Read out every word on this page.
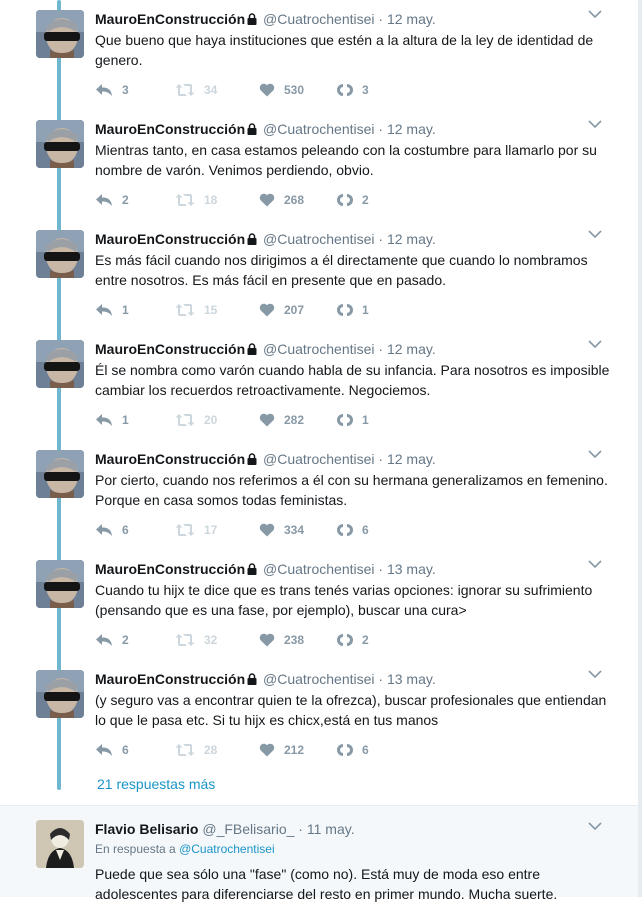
MauroEnConstrucción @Cuatrochentisei · 12 may.
Que bueno que haya instituciones que estén a la altura de la ley de identidad de genero.
3	34	530	3
MauroEnConstrucción @Cuatrochentisei · 12 may.
Mientras tanto, en casa estamos peleando con la costumbre para llamarlo por su nombre de varón. Venimos perdiendo, obvio.
2	18	268	2
MauroEnConstrucción @Cuatrochentisei · 12 may.
Es más fácil cuando nos dirigimos a él directamente que cuando lo nombramos entre nosotros. Es más fácil en presente que en pasado.
1	15	207	1
MauroEnConstrucción @Cuatrochentisei · 12 may.
Él se nombra como varón cuando habla de su infancia. Para nosotros es imposible cambiar los recuerdos retroactivamente. Negociemos.
1	20	282	1
MauroEnConstrucción @Cuatrochentisei · 12 may.
Por cierto, cuando nos referimos a él con su hermana generalizamos en femenino. Porque en casa somos todas feministas.
6	17	334	6
MauroEnConstrucción @Cuatrochentisei · 13 may.
Cuando tu hijx te dice que es trans tenés varias opciones: ignorar su sufrimiento (pensando que es una fase, por ejemplo), buscar una cura>
2	32	238	2
MauroEnConstrucción @Cuatrochentisei · 13 may.
(y seguro vas a encontrar quien te la ofrezca), buscar profesionales que entiendan lo que le pasa etc. Si tu hijx es chicx,está en tus manos
6	28	212	6
21 respuestas más
Flavio Belisario @_FBelisario_ · 11 may.
En respuesta a @Cuatrochentisei
Puede que sea sólo una "fase" (como no). Está muy de moda eso entre adolescentes para diferenciarse del resto en primer mundo. Mucha suerte.
